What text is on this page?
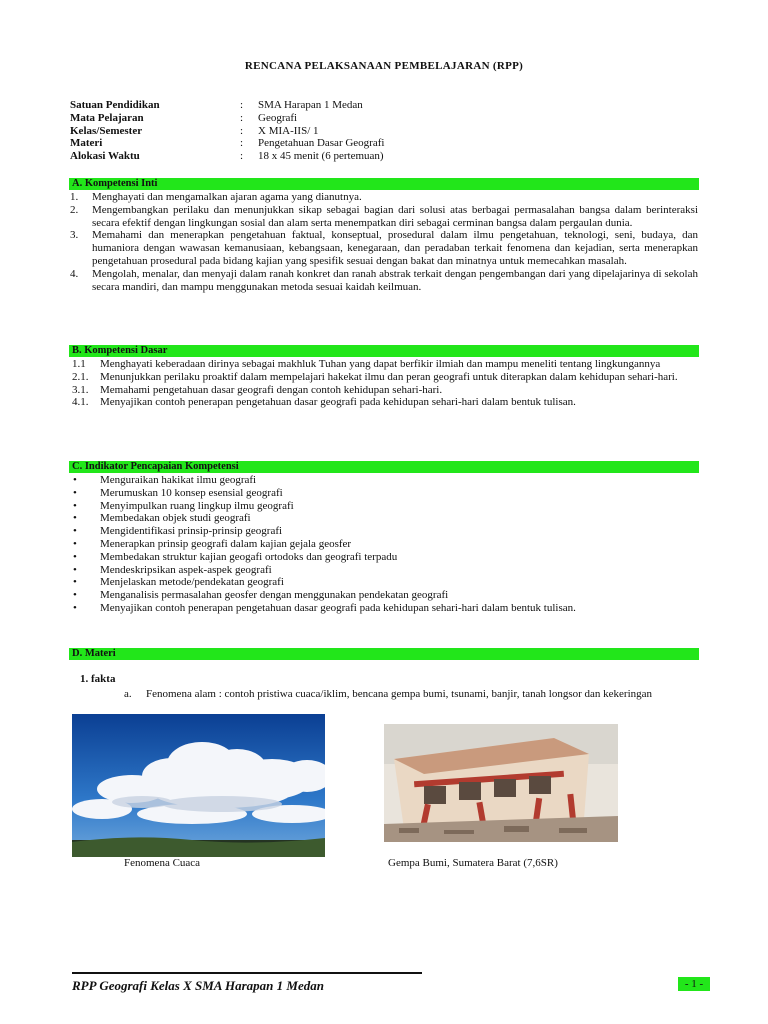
RENCANA PELAKSANAAN PEMBELAJARAN (RPP)
Satuan Pendidikan	:	SMA Harapan 1 Medan
Mata Pelajaran	:	Geografi
Kelas/Semester	:	X MIA-IIS/ 1
Materi	:	Pengetahuan Dasar Geografi
Alokasi Waktu	:	18 x 45 menit (6 pertemuan)
A. Kompetensi Inti
1.	Menghayati dan mengamalkan ajaran agama yang dianutnya.
2.	Mengembangkan perilaku dan menunjukkan sikap sebagai bagian dari solusi atas berbagai permasalahan bangsa dalam berinteraksi secara efektif dengan lingkungan sosial dan alam serta menempatkan diri sebagai cerminan bangsa dalam pergaulan dunia.
3.	Memahami dan menerapkan pengetahuan faktual, konseptual, prosedural dalam ilmu pengetahuan, teknologi, seni, budaya, dan humaniora dengan wawasan kemanusiaan, kebangsaan, kenegaraan, dan peradaban terkait fenomena dan kejadian, serta menerapkan pengetahuan prosedural pada bidang kajian yang spesifik sesuai dengan bakat dan minatnya untuk memecahkan masalah.
4.	Mengolah, menalar, dan menyaji dalam ranah konkret dan ranah abstrak terkait dengan pengembangan dari yang dipelajarinya di sekolah secara mandiri, dan mampu menggunakan metoda sesuai kaidah keilmuan.
B. Kompetensi Dasar
1.1	Menghayati keberadaan dirinya sebagai makhluk Tuhan yang dapat berfikir ilmiah dan mampu meneliti tentang lingkungannya
2.1.	Menunjukkan perilaku proaktif dalam mempelajari hakekat ilmu dan peran geografi untuk diterapkan dalam kehidupan sehari-hari.
3.1.	Memahami pengetahuan dasar geografi dengan contoh kehidupan sehari-hari.
4.1.	Menyajikan contoh penerapan pengetahuan dasar geografi pada kehidupan sehari-hari dalam bentuk tulisan.
C. Indikator Pencapaian Kompetensi
•	Menguraikan hakikat ilmu geografi
•	Merumuskan 10 konsep esensial geografi
•	Menyimpulkan ruang lingkup ilmu geografi
•	Membedakan objek studi geografi
•	Mengidentifikasi prinsip-prinsip geografi
•	Menerapkan prinsip geografi dalam kajian gejala geosfer
•	Membedakan struktur kajian geogafi ortodoks dan geografi terpadu
•	Mendeskripsikan aspek-aspek geografi
•	Menjelaskan metode/pendekatan geografi
•	Menganalisis permasalahan geosfer dengan menggunakan pendekatan geografi
•	Menyajikan contoh penerapan pengetahuan dasar geografi pada kehidupan sehari-hari dalam bentuk tulisan.
D. Materi
1. fakta
a.	Fenomena alam : contoh pristiwa cuaca/iklim, bencana gempa bumi, tsunami, banjir, tanah longsor dan kekeringan
Fenomena Cuaca	Gempa Bumi, Sumatera Barat (7,6SR)
RPP Geografi Kelas X SMA Harapan 1 Medan	- 1 -
